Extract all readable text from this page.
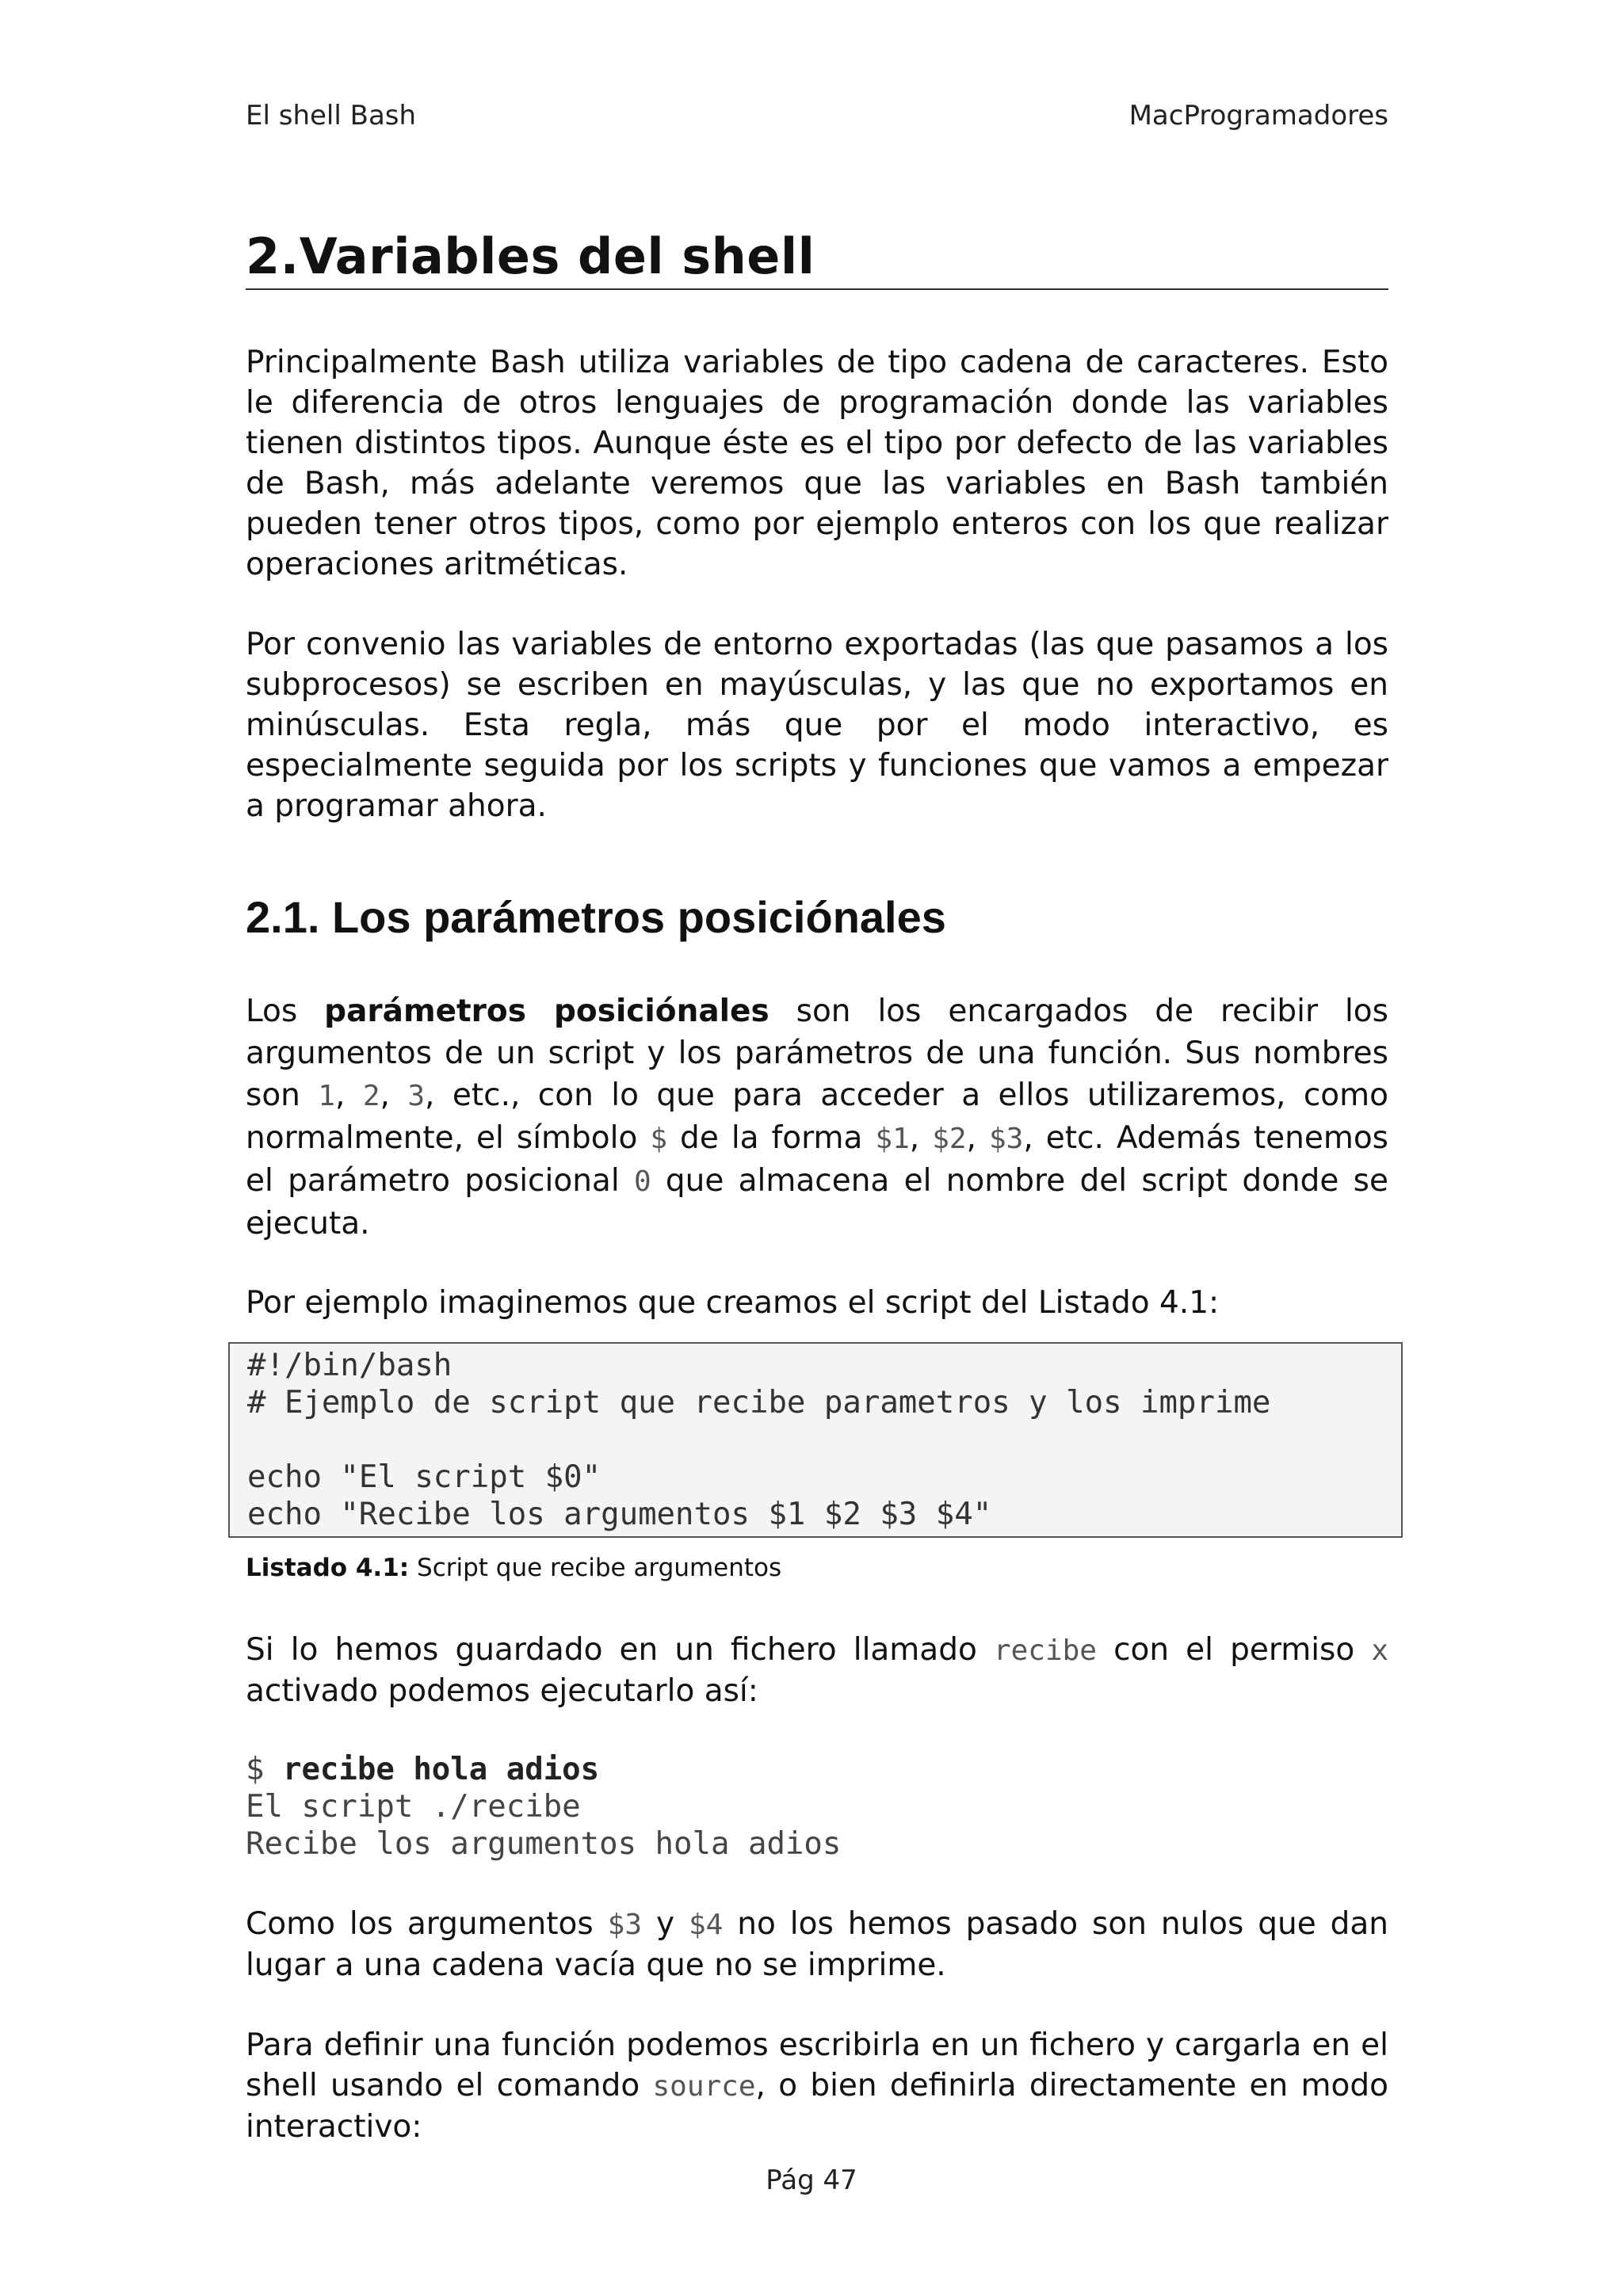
El shell Bash	MacProgramadores
2.Variables del shell

Principalmente Bash utiliza variables de tipo cadena de caracteres. Esto le diferencia de otros lenguajes de programación donde las variables tienen distintos tipos. Aunque éste es el tipo por defecto de las variables de Bash, más adelante veremos que las variables en Bash también pueden tener otros tipos, como por ejemplo enteros con los que realizar operaciones aritméticas.

Por convenio las variables de entorno exportadas (las que pasamos a los subprocesos) se escriben en mayúsculas, y las que no exportamos en minúsculas. Esta regla, más que por el modo interactivo, es especialmente seguida por los scripts y funciones que vamos a empezar a programar ahora.

2.1. Los parámetros posiciónales

Los parámetros posiciónales son los encargados de recibir los argumentos de un script y los parámetros de una función. Sus nombres son 1, 2, 3, etc., con lo que para acceder a ellos utilizaremos, como normalmente, el símbolo $ de la forma $1, $2, $3, etc. Además tenemos el parámetro posicional 0 que almacena el nombre del script donde se ejecuta.

Por ejemplo imaginemos que creamos el script del Listado 4.1:

#!/bin/bash
# Ejemplo de script que recibe parametros y los imprime
echo "El script $0"
echo "Recibe los argumentos $1 $2 $3 $4"
Listado 4.1: Script que recibe argumentos

Si lo hemos guardado en un fichero llamado recibe con el permiso x activado podemos ejecutarlo así:

$ recibe hola adios
El script ./recibe
Recibe los argumentos hola adios

Como los argumentos $3 y $4 no los hemos pasado son nulos que dan lugar a una cadena vacía que no se imprime.

Para definir una función podemos escribirla en un fichero y cargarla en el shell usando el comando source, o bien definirla directamente en modo interactivo:

Pág 47
